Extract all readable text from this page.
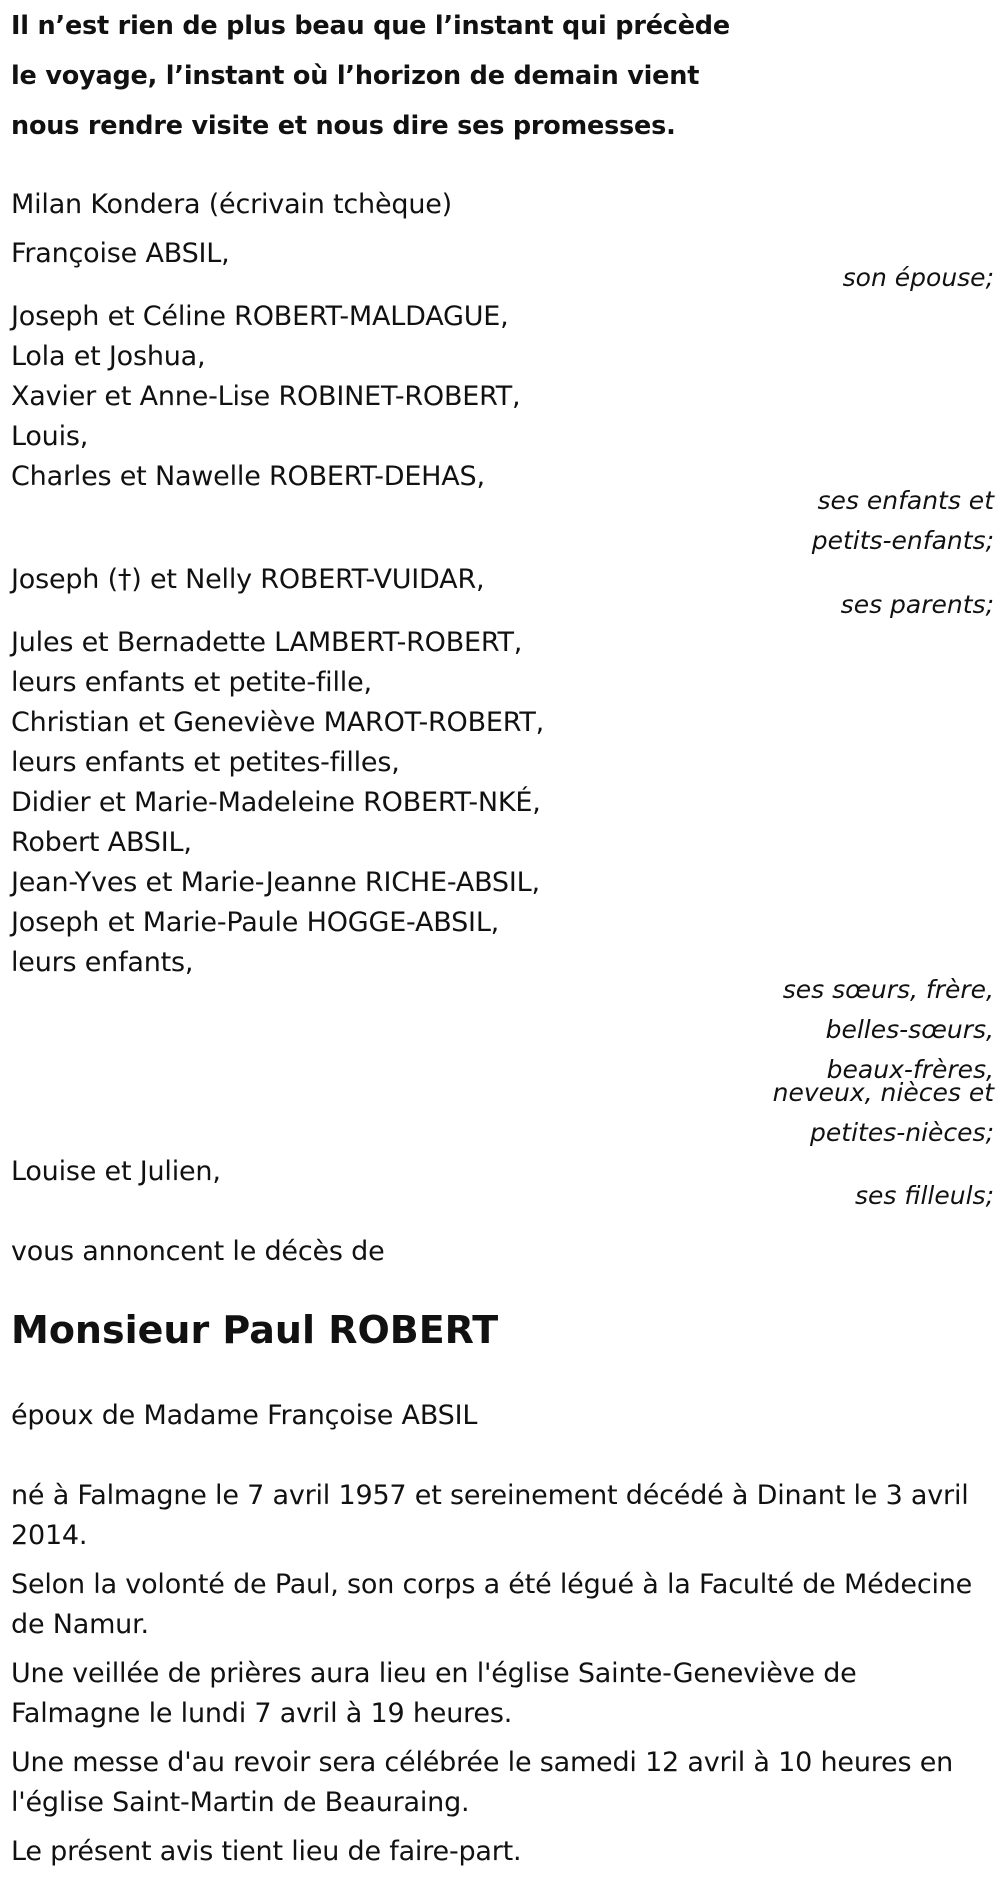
Il n’est rien de plus beau que l’instant qui précède
le voyage, l’instant où l’horizon de demain vient
nous rendre visite et nous dire ses promesses.
Milan Kondera (écrivain tchèque)
Françoise ABSIL,
son épouse;
Joseph et Céline ROBERT-MALDAGUE,
Lola et Joshua,
Xavier et Anne-Lise ROBINET-ROBERT,
Louis,
Charles et Nawelle ROBERT-DEHAS,
ses enfants et
petits-enfants;
Joseph (†) et Nelly ROBERT-VUIDAR,
ses parents;
Jules et Bernadette LAMBERT-ROBERT,
leurs enfants et petite-fille,
Christian et Geneviève MAROT-ROBERT,
leurs enfants et petites-filles,
Didier et Marie-Madeleine ROBERT-NKÉ,
Robert ABSIL,
Jean-Yves et Marie-Jeanne RICHE-ABSIL,
Joseph et Marie-Paule HOGGE-ABSIL,
leurs enfants,
ses sœurs, frère,
belles-sœurs,
beaux-frères,
neveux, nièces et
petites-nièces;
Louise et Julien,
ses filleuls;
vous annoncent le décès de
Monsieur Paul ROBERT
époux de Madame Françoise ABSIL
né à Falmagne le 7 avril 1957 et sereinement décédé à Dinant le 3 avril 2014.
Selon la volonté de Paul, son corps a été légué à la Faculté de Médecine de Namur.
Une veillée de prières aura lieu en l'église Sainte-Geneviève de Falmagne le lundi 7 avril à 19 heures.
Une messe d'au revoir sera célébrée le samedi 12 avril à 10 heures en l'église Saint-Martin de Beauraing.
Le présent avis tient lieu de faire-part.
